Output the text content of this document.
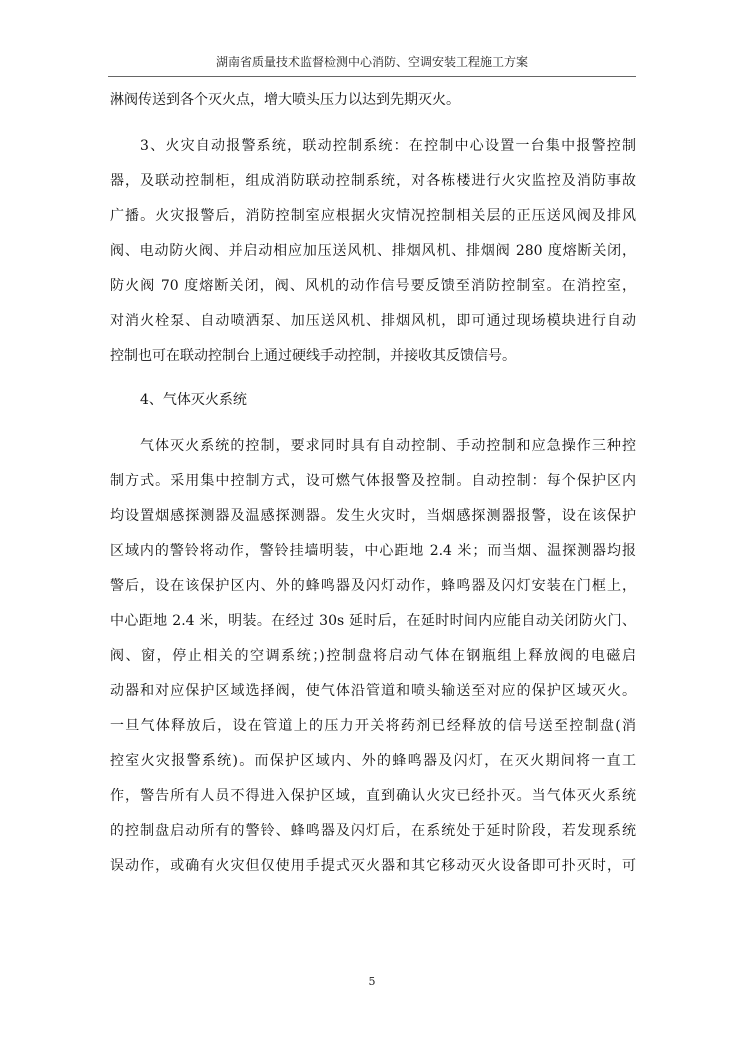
湖南省质量技术监督检测中心消防、空调安装工程施工方案
淋阀传送到各个灭火点，增大喷头压力以达到先期灭火。
3、火灾自动报警系统，联动控制系统：在控制中心设置一台集中报警控制
器，及联动控制柜，组成消防联动控制系统，对各栋楼进行火灾监控及消防事故
广播。火灾报警后，消防控制室应根据火灾情况控制相关层的正压送风阀及排风
阀、电动防火阀、并启动相应加压送风机、排烟风机、排烟阀 280 度熔断关闭，
防火阀 70 度熔断关闭，阀、风机的动作信号要反馈至消防控制室。在消控室，
对消火栓泵、自动喷洒泵、加压送风机、排烟风机，即可通过现场模块进行自动
控制也可在联动控制台上通过硬线手动控制，并接收其反馈信号。
4、气体灭火系统
气体灭火系统的控制，要求同时具有自动控制、手动控制和应急操作三种控
制方式。采用集中控制方式，设可燃气体报警及控制。自动控制：每个保护区内
均设置烟感探测器及温感探测器。发生火灾时，当烟感探测器报警，设在该保护
区域内的警铃将动作，警铃挂墙明装，中心距地 2.4 米；而当烟、温探测器均报
警后，设在该保护区内、外的蜂鸣器及闪灯动作，蜂鸣器及闪灯安装在门框上，
中心距地 2.4 米，明装。在经过 30s 延时后，在延时时间内应能自动关闭防火门、
阀、窗，停止相关的空调系统；)控制盘将启动气体在钢瓶组上释放阀的电磁启
动器和对应保护区域选择阀，使气体沿管道和喷头输送至对应的保护区域灭火。
一旦气体释放后，设在管道上的压力开关将药剂已经释放的信号送至控制盘(消
控室火灾报警系统)。而保护区域内、外的蜂鸣器及闪灯，在灭火期间将一直工
作，警告所有人员不得进入保护区域，直到确认火灾已经扑灭。当气体灭火系统
的控制盘启动所有的警铃、蜂鸣器及闪灯后，在系统处于延时阶段，若发现系统
误动作，或确有火灾但仅使用手提式灭火器和其它移动灭火设备即可扑灭时，可
5
